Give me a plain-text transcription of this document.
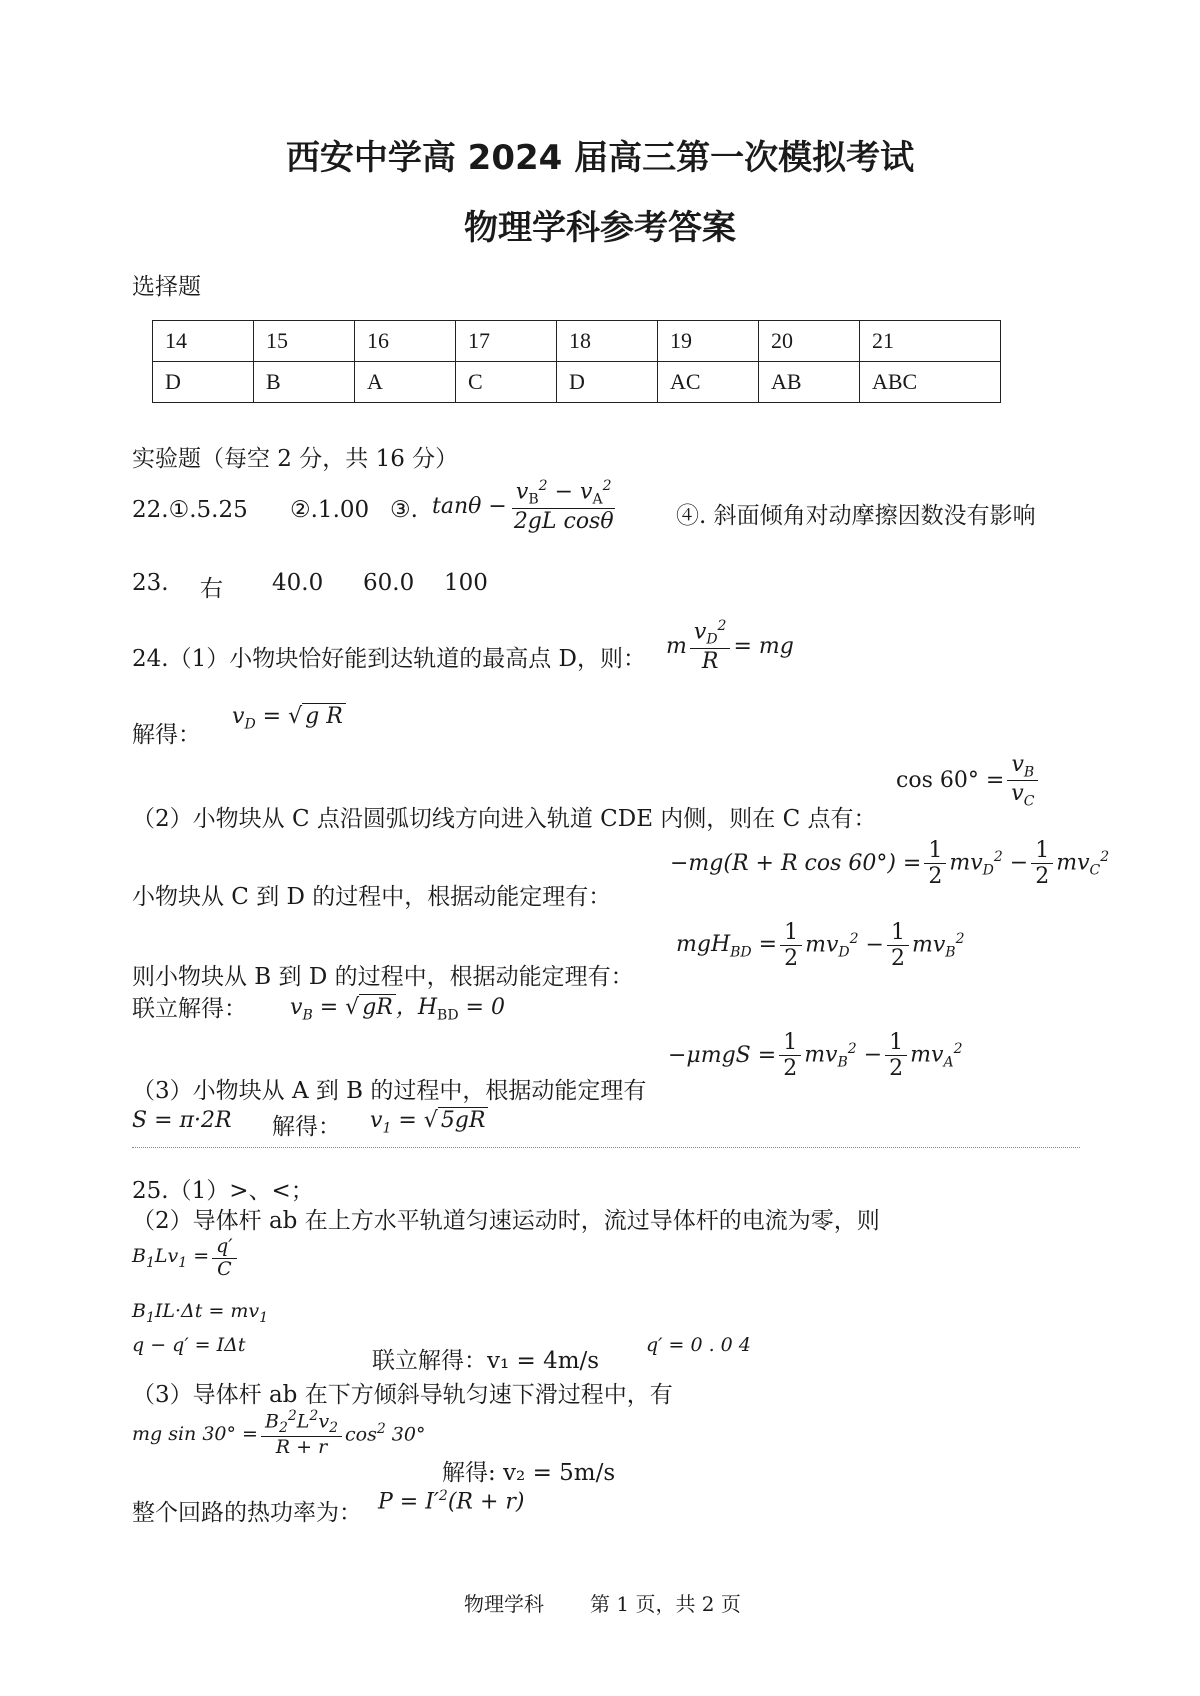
西安中学高 2024 届高三第一次模拟考试
物理学科参考答案
选择题
14	15	16	17	18	19	20	21
D	B	A	C	D	AC	AB	ABC
实验题（每空 2 分，共 16 分）
22.①.5.25 ②.1.00 ③. $\tan\theta - \frac{v_B^2 - v_A^2}{\text{2gL cosθ}}$	④. 斜面倾角对动摩擦因数没有影响
23. 右 40.0 60.0 100
24.（1）小物块恰好能到达轨道的最高点 D，则： m $\frac{v_D^2}{R}$ = mg
解得：
$v_D$ = √ g R
$\cos 60^\circ = \frac{v_B}{v_C}$
（2）小物块从 C 点沿圆弧切线方向进入轨道 CDE 内侧，则在 C 点有：
−mg(R + R $\cos 60^\circ) = \frac{1}{2} mv_D^2 - \frac{1}{2} mv_C^2$
小物块从 C 到 D 的过程中，根据动能定理有：
$mgH_{BD} = \frac{1}{2} mv_D^2 - \frac{1}{2} mv_B^2$
则小物块从 B 到 D 的过程中，根据动能定理有：
联立解得： $v_B$ = √ gR ，$H_{BD} = 0$
$-\mu mgS = \frac{1}{2} mv_B^2 - \frac{1}{2} mv_A^2$
（3）小物块从 A 到 B 的过程中，根据动能定理有
S = π·2R 解得： $v_1$ = √ 5gR
25.（1）>、<；
（2）导体杆 ab 在上方水平轨道匀速运动时，流过导体杆的电流为零，则
$B_1Lv_1 = \frac{q'}{C}$
$B_1IL\cdot\Delta t = mv_1$
q − q′ = IΔt
联立解得：v₁ = 4m/s
q′ = 0 . 0 4
（3）导体杆 ab 在下方倾斜导轨匀速下滑过程中，有
mg $\sin 30^\circ = \frac{B_2^2L^2v_2}{R + r} \cos^2 30^\circ$
解得: v₂ = 5m/s
整个回路的热功率为： $P = I'^2(R + r)$
物理学科 第 1 页，共 2 页
